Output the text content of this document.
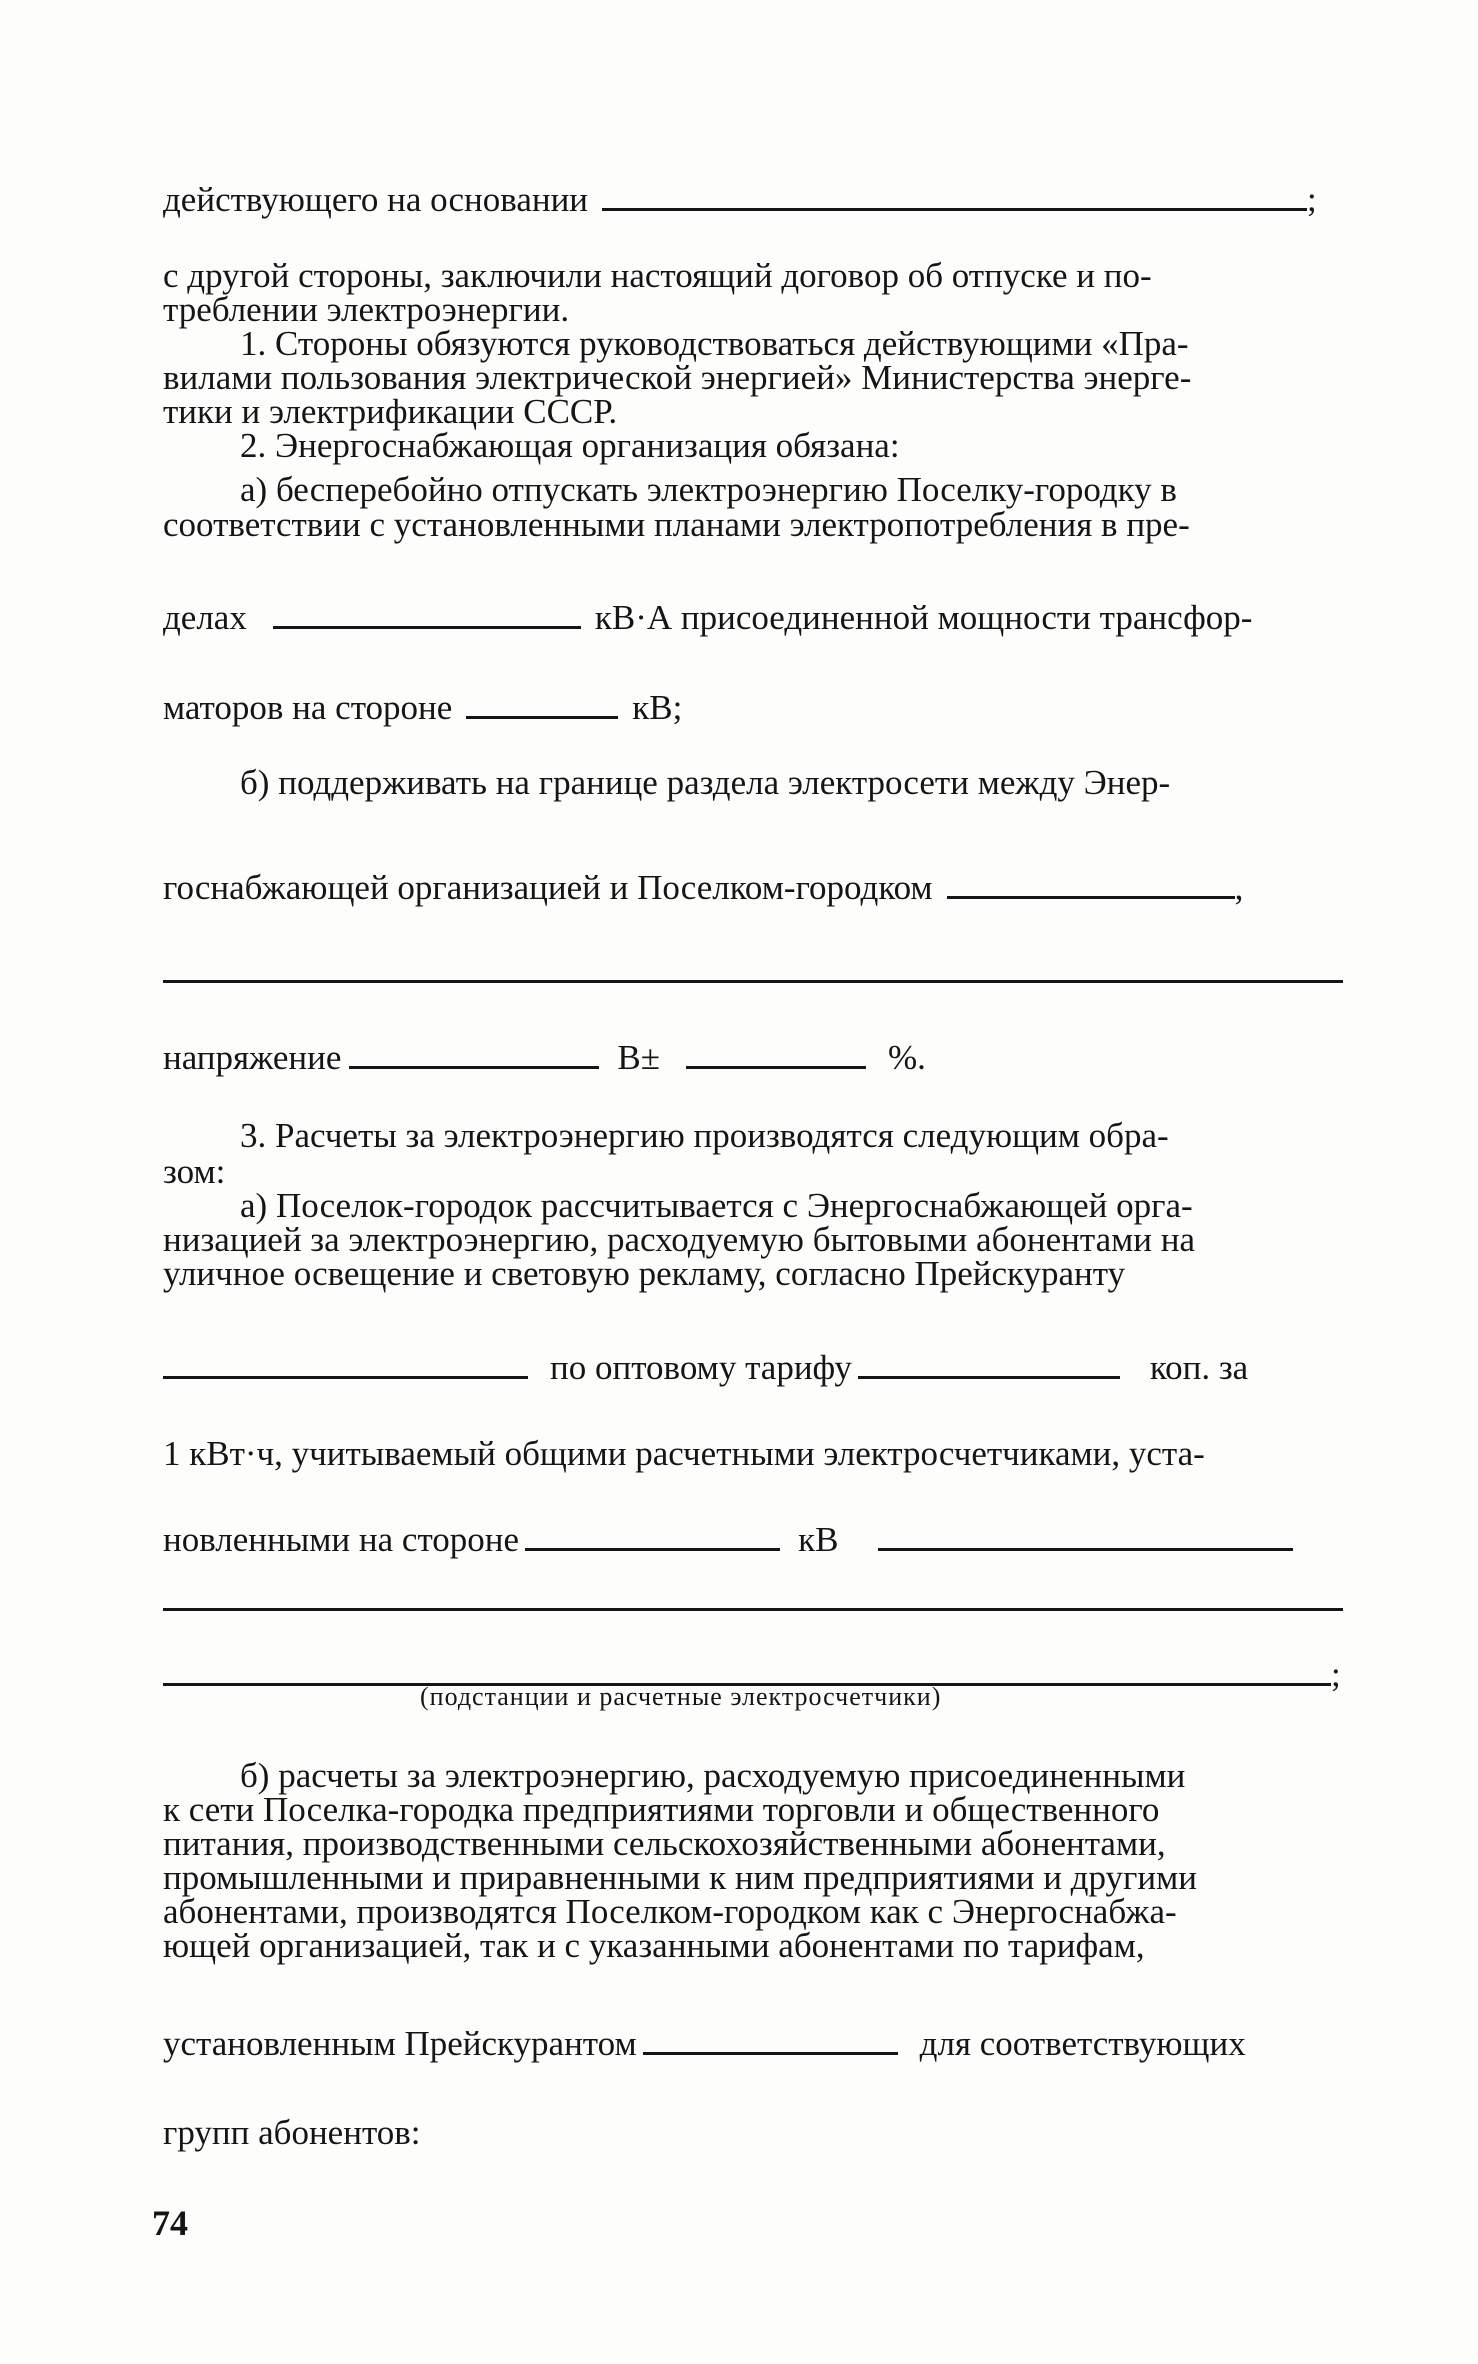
действующего на основании	;
с другой стороны, заключили настоящий договор об отпуске и по-
треблении электроэнергии.
1. Стороны обязуются руководствоваться действующими «Пра-
вилами пользования электрической энергией» Министерства энерге-
тики и электрификации СССР.
2. Энергоснабжающая организация обязана:
а) бесперебойно отпускать электроэнергию Поселку-городку в
соответствии с установленными планами электропотребления в пре-
делах	кВ·А присоединенной мощности трансфор-
маторов на стороне	кВ;
б) поддерживать на границе раздела электросети между Энер-
госнабжающей организацией и Поселком-городком	,
напряжение	В±	%.
3. Расчеты за электроэнергию производятся следующим обра-
зом:
а) Поселок-городок рассчитывается с Энергоснабжающей орга-
низацией за электроэнергию, расходуемую бытовыми абонентами на
уличное освещение и световую рекламу, согласно Прейскуранту
по оптовому тарифу	коп. за
1 кВт·ч, учитываемый общими расчетными электросчетчиками, уста-
новленными на стороне	кВ
;
(подстанции и расчетные электросчетчики)
б) расчеты за электроэнергию, расходуемую присоединенными
к сети Поселка-городка предприятиями торговли и общественного
питания, производственными сельскохозяйственными абонентами,
промышленными и приравненными к ним предприятиями и другими
абонентами, производятся Поселком-городком как с Энергоснабжа-
ющей организацией, так и с указанными абонентами по тарифам,
установленным Прейскурантом	для соответствующих
групп абонентов:
74
